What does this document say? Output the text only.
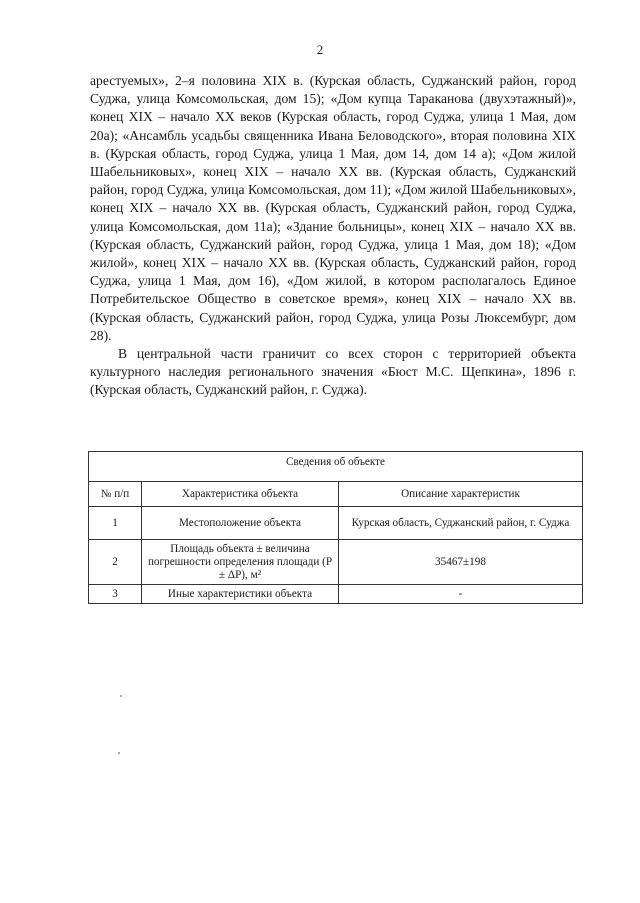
2

арестуемых», 2–я половина XIX в. (Курская область, Суджанский район, город Суджа, улица Комсомольская, дом 15); «Дом купца Тараканова (двухэтажный)», конец XIX – начало XX веков (Курская область, город Суджа, улица 1 Мая, дом 20а); «Ансамбль усадьбы священника Ивана Беловодского», вторая половина XIX в. (Курская область, город Суджа, улица 1 Мая, дом 14, дом 14 а); «Дом жилой Шабельниковых», конец XIX – начало XX вв. (Курская область, Суджанский район, город Суджа, улица Комсомольская, дом 11); «Дом жилой Шабельниковых», конец XIX – начало XX вв. (Курская область, Суджанский район, город Суджа, улица Комсомольская, дом 11а); «Здание больницы», конец XIX – начало XX вв. (Курская область, Суджанский район, город Суджа, улица 1 Мая, дом 18); «Дом жилой», конец XIX – начало XX вв. (Курская область, Суджанский район, город Суджа, улица 1 Мая, дом 16), «Дом жилой, в котором располагалось Единое Потребительское Общество в советское время», конец XIX – начало XX вв. (Курская область, Суджанский район, город Суджа, улица Розы Люксембург, дом 28).

В центральной части граничит со всех сторон с территорией объекта культурного наследия регионального значения «Бюст М.С. Щепкина», 1896 г. (Курская область, Суджанский район, г. Суджа).

Сведения об объекте		
№ п/п	Характеристика объекта	Описание характеристик
1	Местоположение объекта	Курская область, Суджанский район, г. Суджа
2	Площадь объекта ± величина погрешности определения площади (P ± ΔP), м²	35467±198
3	Иные характеристики объекта	-
